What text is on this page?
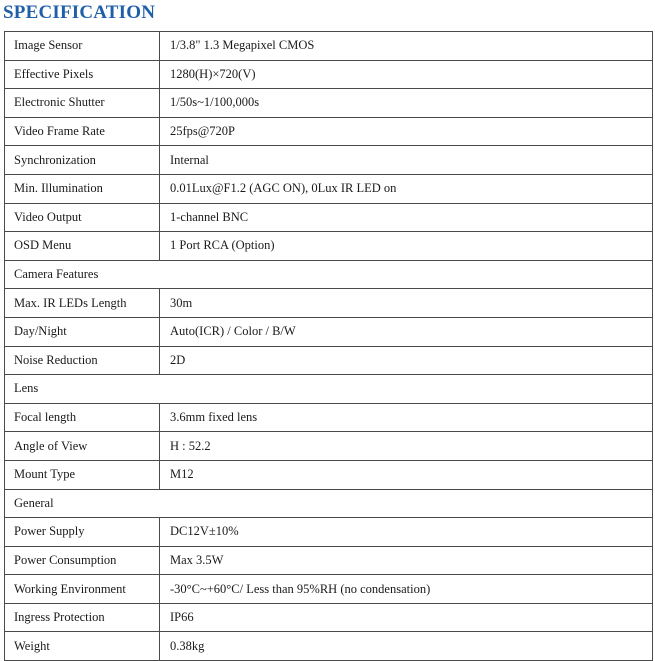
SPECIFICATION
Image Sensor	1/3.8" 1.3 Megapixel CMOS
Effective Pixels	1280(H)×720(V)
Electronic Shutter	1/50s~1/100,000s
Video Frame Rate	25fps@720P
Synchronization	Internal
Min. Illumination	0.01Lux@F1.2 (AGC ON), 0Lux IR LED on
Video Output	1-channel BNC
OSD Menu	1 Port RCA (Option)
Camera Features	
Max. IR LEDs Length	30m
Day/Night	Auto(ICR) / Color / B/W
Noise Reduction	2D
Lens	
Focal length	3.6mm fixed lens
Angle of View	H : 52.2
Mount Type	M12
General	
Power Supply	DC12V±10%
Power Consumption	Max 3.5W
Working Environment	-30°C~+60°C/ Less than 95%RH (no condensation)
Ingress Protection	IP66
Weight	0.38kg
